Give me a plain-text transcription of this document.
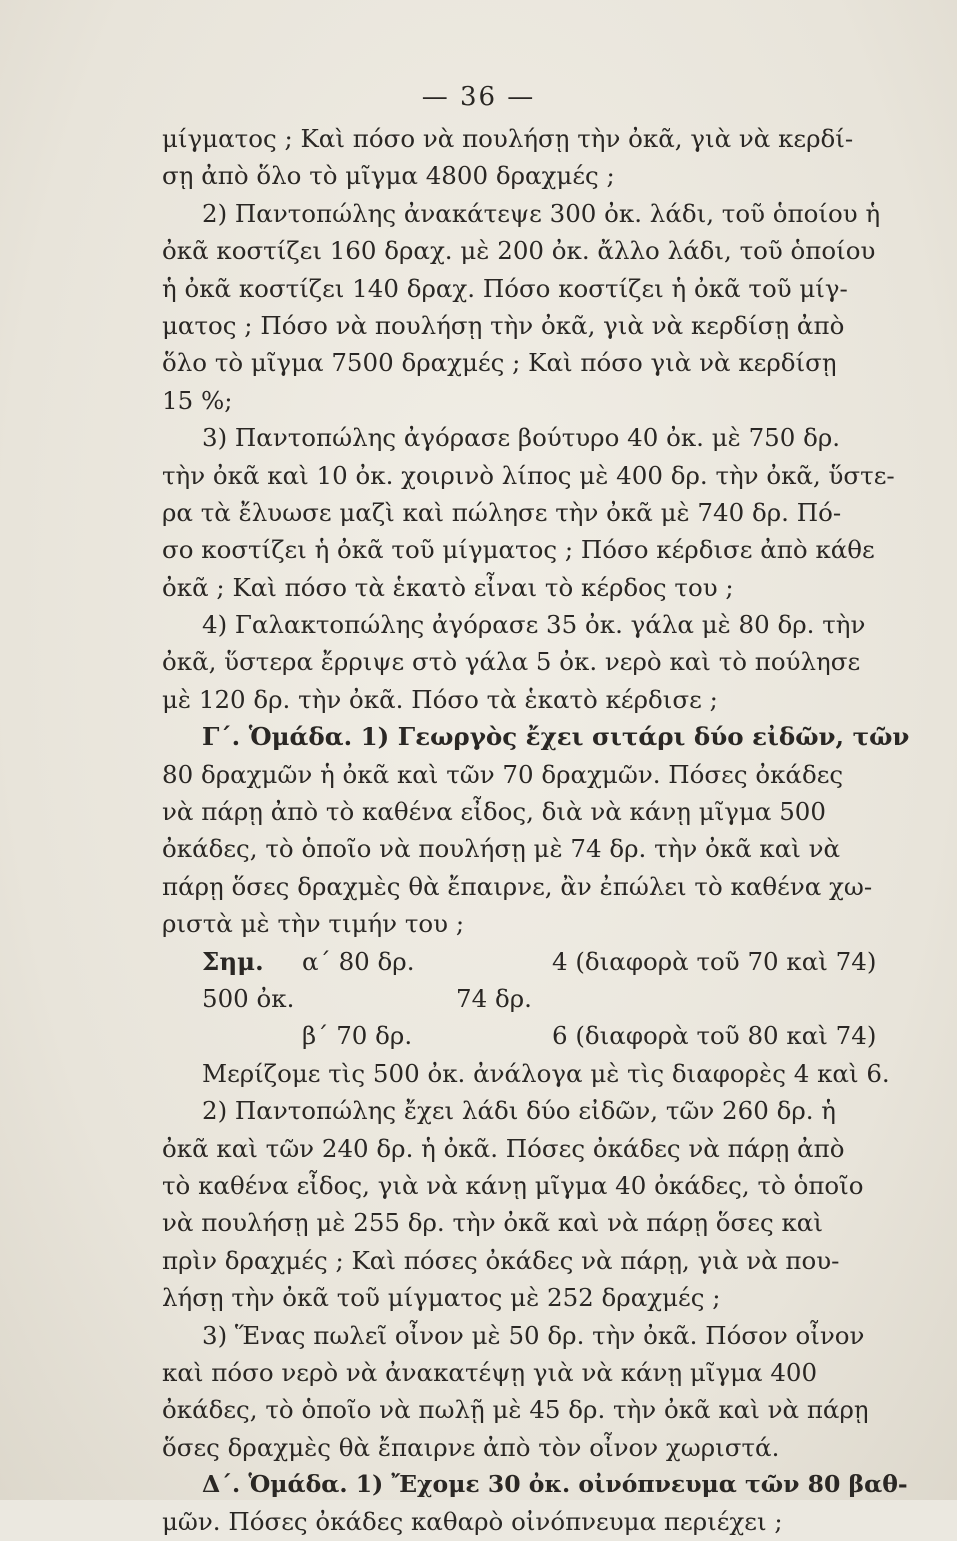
— 36 —
μίγματος ; Καὶ πόσο νὰ πουλήσῃ τὴν ὀκᾶ, γιὰ νὰ κερδί-
σῃ ἀπὸ ὅλο τὸ μῖγμα 4800 δραχμές ;
2) Παντοπώλης ἀνακάτεψε 300 ὀκ. λάδι, τοῦ ὁποίου ἡ
ὀκᾶ κοστίζει 160 δραχ. μὲ 200 ὀκ. ἄλλο λάδι, τοῦ ὁποίου
ἡ ὀκᾶ κοστίζει 140 δραχ. Πόσο κοστίζει ἡ ὀκᾶ τοῦ μίγ-
ματος ; Πόσο νὰ πουλήσῃ τὴν ὀκᾶ, γιὰ νὰ κερδίσῃ ἀπὸ
ὅλο τὸ μῖγμα 7500 δραχμές ; Καὶ πόσο γιὰ νὰ κερδίσῃ
15 %;
3) Παντοπώλης ἀγόρασε βούτυρο 40 ὀκ. μὲ 750 δρ.
τὴν ὀκᾶ καὶ 10 ὀκ. χοιρινὸ λίπος μὲ 400 δρ. τὴν ὀκᾶ, ὕστε-
ρα τὰ ἔλυωσε μαζὶ καὶ πώλησε τὴν ὀκᾶ μὲ 740 δρ. Πό-
σο κοστίζει ἡ ὀκᾶ τοῦ μίγματος ; Πόσο κέρδισε ἀπὸ κάθε
ὀκᾶ ; Καὶ πόσο τὰ ἑκατὸ εἶναι τὸ κέρδος του ;
4) Γαλακτοπώλης ἀγόρασε 35 ὀκ. γάλα μὲ 80 δρ. τὴν
ὀκᾶ, ὕστερα ἔρριψε στὸ γάλα 5 ὀκ. νερὸ καὶ τὸ πούλησε
μὲ 120 δρ. τὴν ὀκᾶ. Πόσο τὰ ἑκατὸ κέρδισε ;
Γ΄. Ὁμάδα. 1) Γεωργὸς ἔχει σιτάρι δύο εἰδῶν, τῶν
80 δραχμῶν ἡ ὀκᾶ καὶ τῶν 70 δραχμῶν. Πόσες ὀκάδες
νὰ πάρῃ ἀπὸ τὸ καθένα εἶδος, διὰ νὰ κάνῃ μῖγμα 500
ὀκάδες, τὸ ὁποῖο νὰ πουλήσῃ μὲ 74 δρ. τὴν ὀκᾶ καὶ νὰ
πάρῃ ὅσες δραχμὲς θὰ ἔπαιρνε, ἂν ἐπώλει τὸ καθένα χω-
ριστὰ μὲ τὴν τιμήν του ;
Σημ. α΄ 80 δρ.	4 (διαφορὰ τοῦ 70 καὶ 74)
500 ὀκ.	74 δρ.
β΄ 70 δρ.	6 (διαφορὰ τοῦ 80 καὶ 74)
Μερίζομε τὶς 500 ὀκ. ἀνάλογα μὲ τὶς διαφορὲς 4 καὶ 6.
2) Παντοπώλης ἔχει λάδι δύο εἰδῶν, τῶν 260 δρ. ἡ
ὀκᾶ καὶ τῶν 240 δρ. ἡ ὀκᾶ. Πόσες ὀκάδες νὰ πάρῃ ἀπὸ
τὸ καθένα εἶδος, γιὰ νὰ κάνῃ μῖγμα 40 ὀκάδες, τὸ ὁποῖο
νὰ πουλήσῃ μὲ 255 δρ. τὴν ὀκᾶ καὶ νὰ πάρῃ ὅσες καὶ
πρὶν δραχμές ; Καὶ πόσες ὀκάδες νὰ πάρῃ, γιὰ νὰ που-
λήσῃ τὴν ὀκᾶ τοῦ μίγματος μὲ 252 δραχμές ;
3) Ἕνας πωλεῖ οἶνον μὲ 50 δρ. τὴν ὀκᾶ. Πόσον οἶνον
καὶ πόσο νερὸ νὰ ἀνακατέψῃ γιὰ νὰ κάνῃ μῖγμα 400
ὀκάδες, τὸ ὁποῖο νὰ πωλῇ μὲ 45 δρ. τὴν ὀκᾶ καὶ νὰ πάρῃ
ὅσες δραχμὲς θὰ ἔπαιρνε ἀπὸ τὸν οἶνον χωριστά.
Δ΄. Ὁμάδα. 1) Ἔχομε 30 ὀκ. οἰνόπνευμα τῶν 80 βαθ-
μῶν. Πόσες ὀκάδες καθαρὸ οἰνόπνευμα περιέχει ;
